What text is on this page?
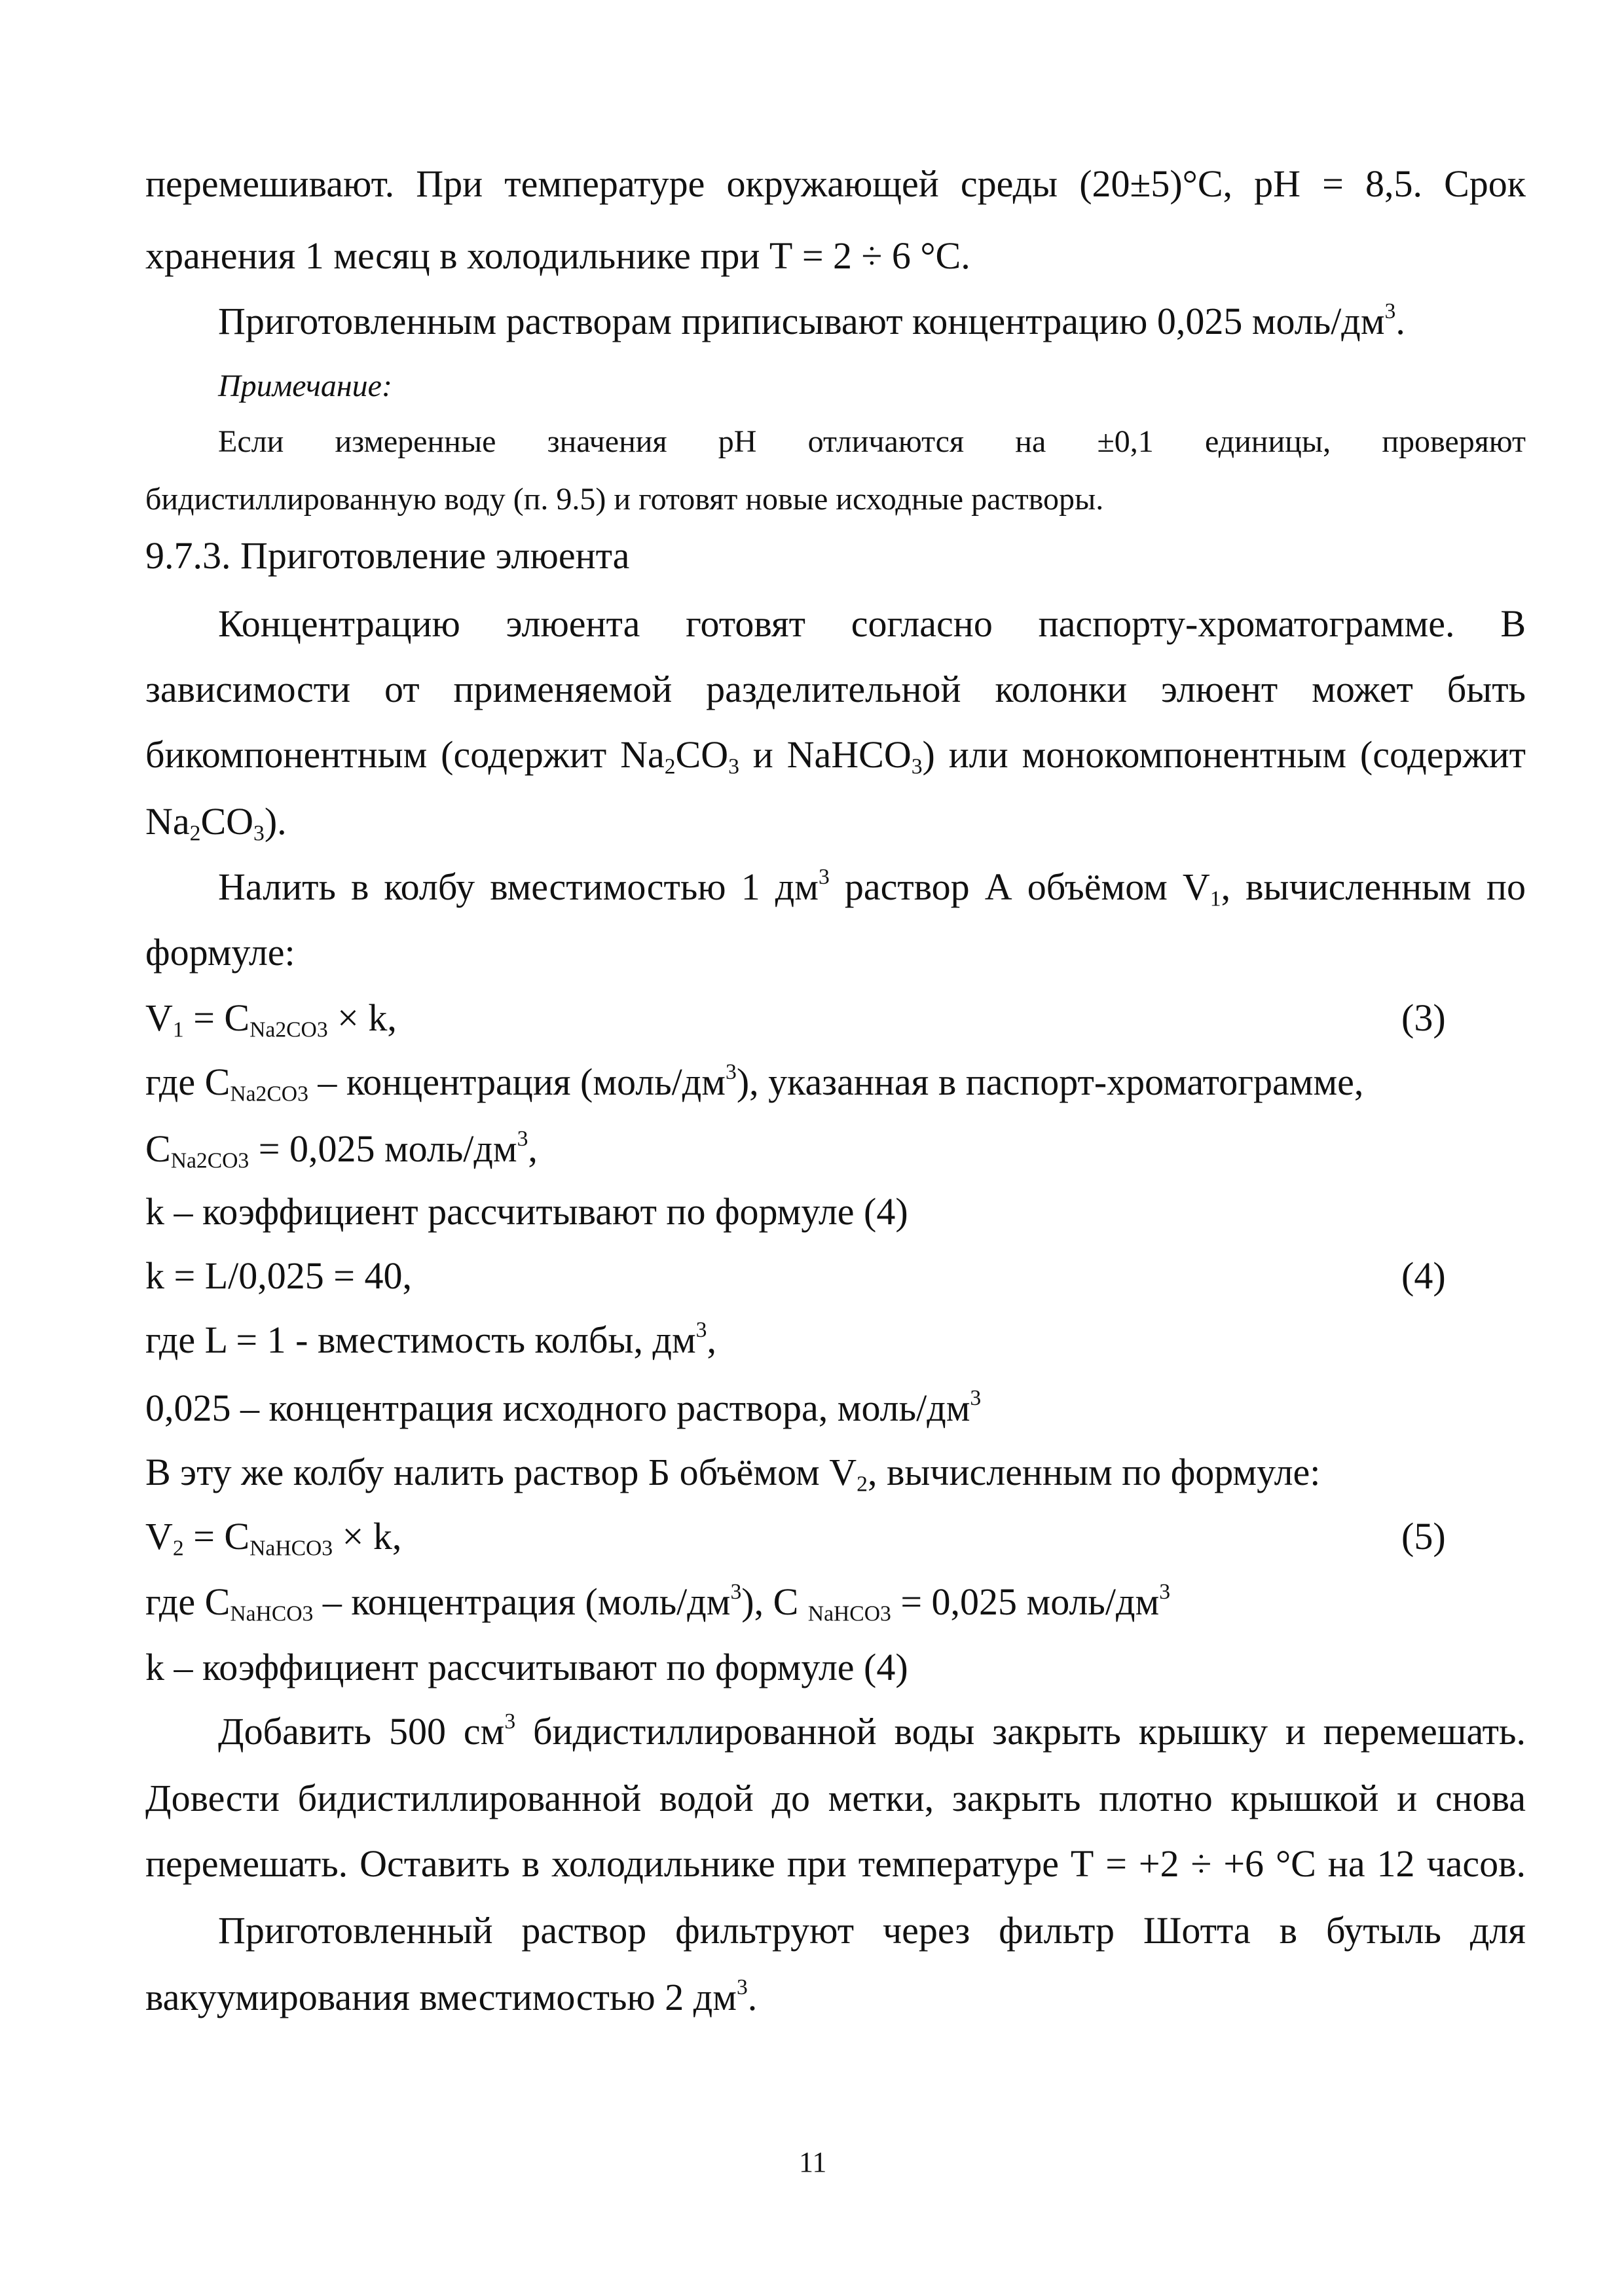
перемешивают. При температуре окружающей среды (20±5)°С, рН = 8,5. Срок
хранения 1 месяц в холодильнике при Т = 2 ÷ 6 °С.
Приготовленным растворам приписывают концентрацию 0,025 моль/$дм^3$.
Примечание:
Если измеренные значения рН отличаются на ±0,1 единицы, проверяют
бидистиллированную воду (п. 9.5) и готовят новые исходные растворы.
9.7.3. Приготовление элюента
Концентрацию элюента готовят согласно паспорту-хроматограмме. В
зависимости от применяемой разделительной колонки элюент может быть
бикомпонентным (содержит $Na_2CO_3$ и NaHCO$_3$) или монокомпонентным (содержит
$Na_2CO_3$).
Налить в колбу вместимостью 1 $дм^3$ раствор А объёмом $V_1$, вычисленным по
формуле:
$V_1 = C_{Na2CO3} \times k$,	(3)
где $C_{Na2CO3}$ – концентрация $(моль/дм^3)$, указанная в паспорт-хроматограмме,
$C_{Na2CO3} = 0,025$ моль/$дм^3$,
k – коэффициент рассчитывают по формуле (4)
k = L/0,025 = 40,	(4)
где L = 1 - вместимость колбы, $дм^3$,
0,025 – концентрация исходного раствора, моль/$дм^3$
В эту же колбу налить раствор Б объёмом $V_2$, вычисленным по формуле:
$V_2 = C_{NaHCO3} \times k$,	(5)
где $C_{NaHCO3}$ – концентрация $(моль/дм^3)$, C $_{NaHCO3}$ = 0,025 моль/$дм^3$
k – коэффициент рассчитывают по формуле (4)
Добавить 500 $см^3$ бидистиллированной воды закрыть крышку и перемешать.
Довести бидистиллированной водой до метки, закрыть плотно крышкой и снова
перемешать. Оставить в холодильнике при температуре Т = +2 ÷ +6 °С на 12 часов.
Приготовленный раствор фильтруют через фильтр Шотта в бутыль для
вакуумирования вместимостью 2 $дм^3$.
11
